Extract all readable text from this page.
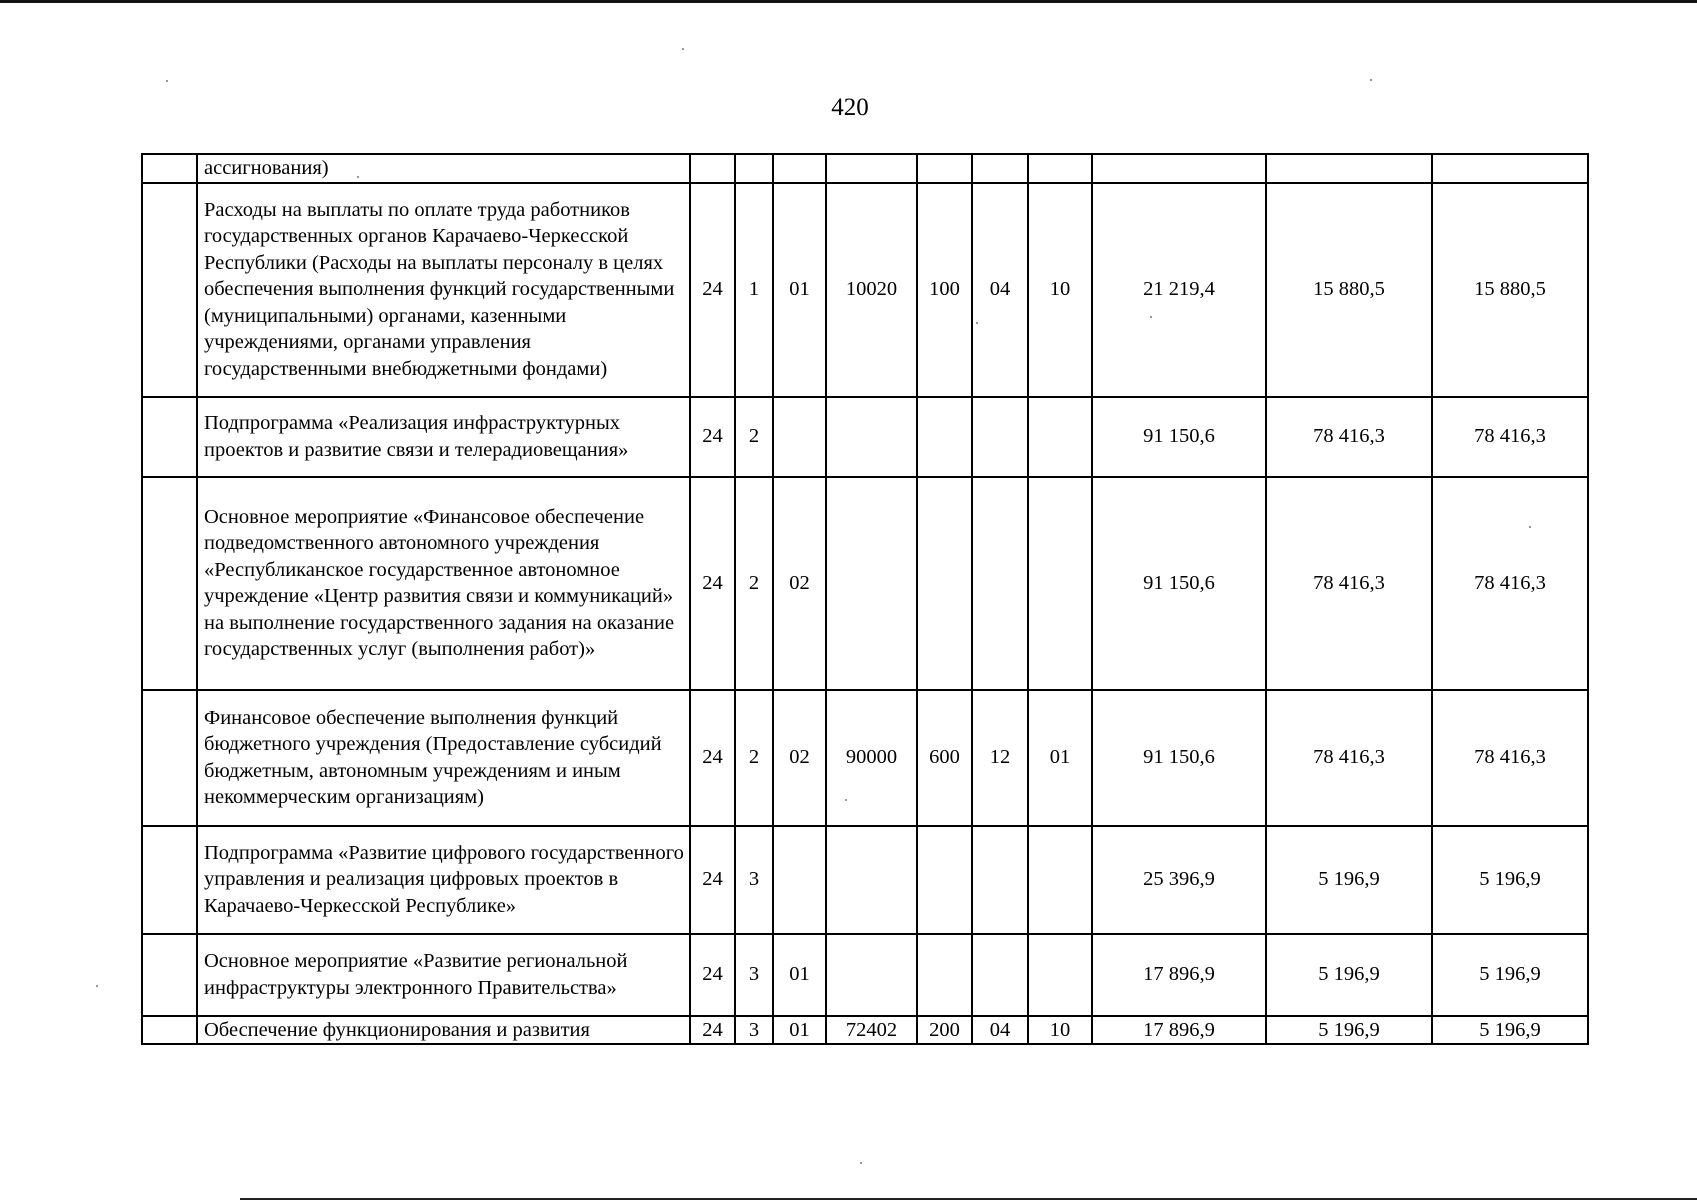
420
	ассигнования)										
	Расходы на выплаты по оплате труда работников государственных органов Карачаево-Черкесской Республики (Расходы на выплаты персоналу в целях обеспечения выполнения функций государственными (муниципальными) органами, казенными учреждениями, органами управления государственными внебюджетными фондами)	24	1	01	10020	100	04	10	21 219,4	15 880,5	15 880,5
	Подпрограмма «Реализация инфраструктурных проектов и развитие связи и телерадиовещания»	24	2						91 150,6	78 416,3	78 416,3
	Основное мероприятие «Финансовое обеспечение подведомственного автономного учреждения «Республиканское государственное автономное учреждение «Центр развития связи и коммуникаций» на выполнение государственного задания на оказание государственных услуг (выполнения работ)»	24	2	02					91 150,6	78 416,3	78 416,3
	Финансовое обеспечение выполнения функций бюджетного учреждения (Предоставление субсидий бюджетным, автономным учреждениям и иным некоммерческим организациям)	24	2	02	90000	600	12	01	91 150,6	78 416,3	78 416,3
	Подпрограмма «Развитие цифрового государственного управления и реализация цифровых проектов в Карачаево-Черкесской Республике»	24	3						25 396,9	5 196,9	5 196,9
	Основное мероприятие «Развитие региональной инфраструктуры электронного Правительства»	24	3	01					17 896,9	5 196,9	5 196,9
	Обеспечение функционирования и развития	24	3	01	72402	200	04	10	17 896,9	5 196,9	5 196,9
